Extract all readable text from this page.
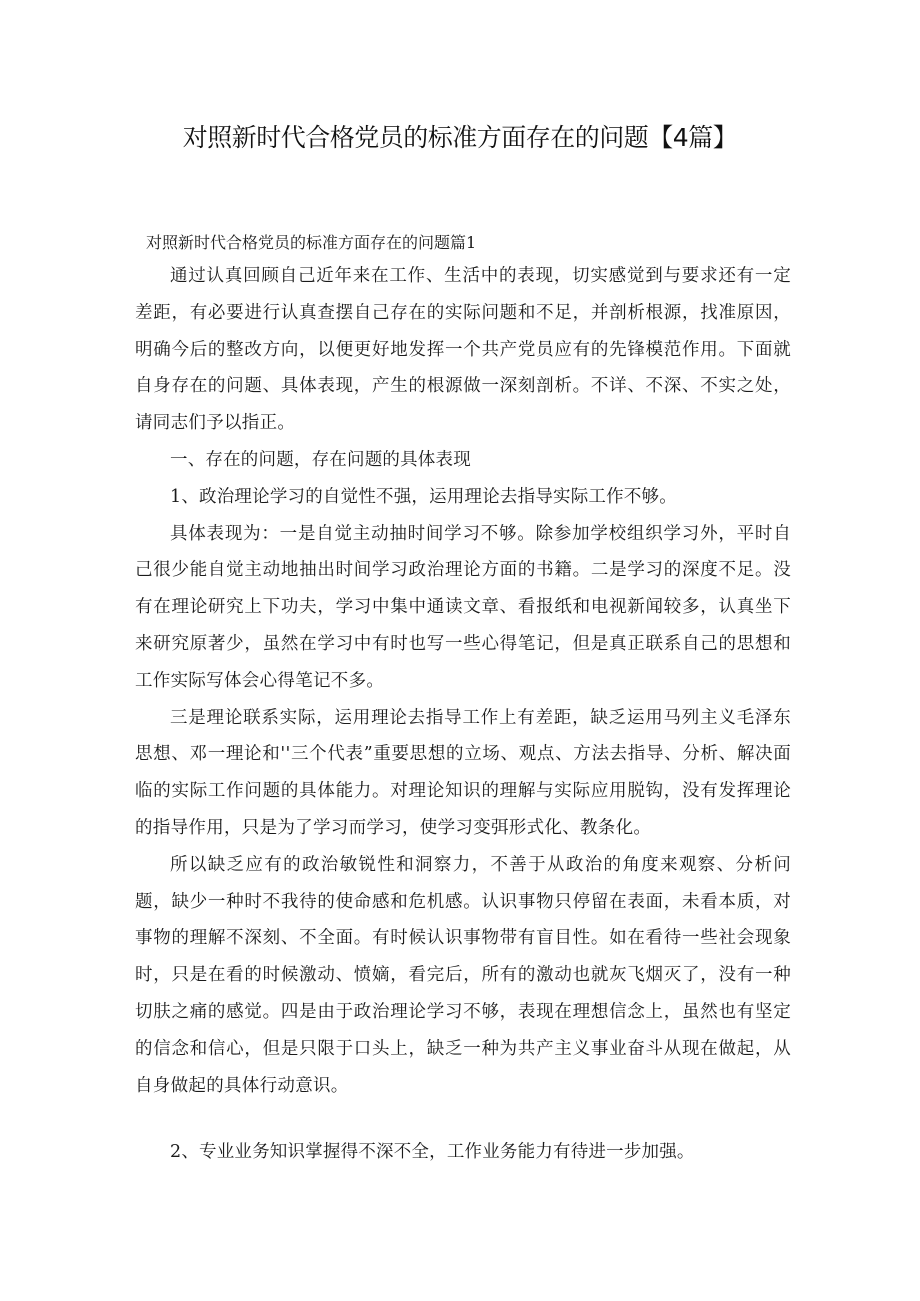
对照新时代合格党员的标准方面存在的问题【4篇】
对照新时代合格党员的标准方面存在的问题篇1

通过认真回顾自己近年来在工作、生活中的表现，切实感觉到与要求还有一定差距，有必要进行认真查摆自己存在的实际问题和不足，并剖析根源，找准原因，明确今后的整改方向，以便更好地发挥一个共产党员应有的先锋模范作用。下面就自身存在的问题、具体表现，产生的根源做一深刻剖析。不详、不深、不实之处，请同志们予以指正。

一、存在的问题，存在问题的具体表现

1、政治理论学习的自觉性不强，运用理论去指导实际工作不够。

具体表现为：一是自觉主动抽时间学习不够。除参加学校组织学习外，平时自己很少能自觉主动地抽出时间学习政治理论方面的书籍。二是学习的深度不足。没有在理论研究上下功夫，学习中集中通读文章、看报纸和电视新闻较多，认真坐下来研究原著少，虽然在学习中有时也写一些心得笔记，但是真正联系自己的思想和工作实际写体会心得笔记不多。

三是理论联系实际，运用理论去指导工作上有差距，缺乏运用马列主义毛泽东思想、邓一理论和''三个代表”重要思想的立场、观点、方法去指导、分析、解决面临的实际工作问题的具体能力。对理论知识的理解与实际应用脱钩，没有发挥理论的指导作用，只是为了学习而学习，使学习变弭形式化、教条化。

所以缺乏应有的政治敏锐性和洞察力，不善于从政治的角度来观察、分析问题，缺少一种时不我待的使命感和危机感。认识事物只停留在表面，未看本质，对事物的理解不深刻、不全面。有时候认识事物带有盲目性。如在看待一些社会现象时，只是在看的时候激动、愤嫡，看完后，所有的激动也就灰飞烟灭了，没有一种切肤之痛的感觉。四是由于政治理论学习不够，表现在理想信念上，虽然也有坚定的信念和信心，但是只限于口头上，缺乏一种为共产主义事业奋斗从现在做起，从自身做起的具体行动意识。

2、专业业务知识掌握得不深不全，工作业务能力有待进一步加强。
